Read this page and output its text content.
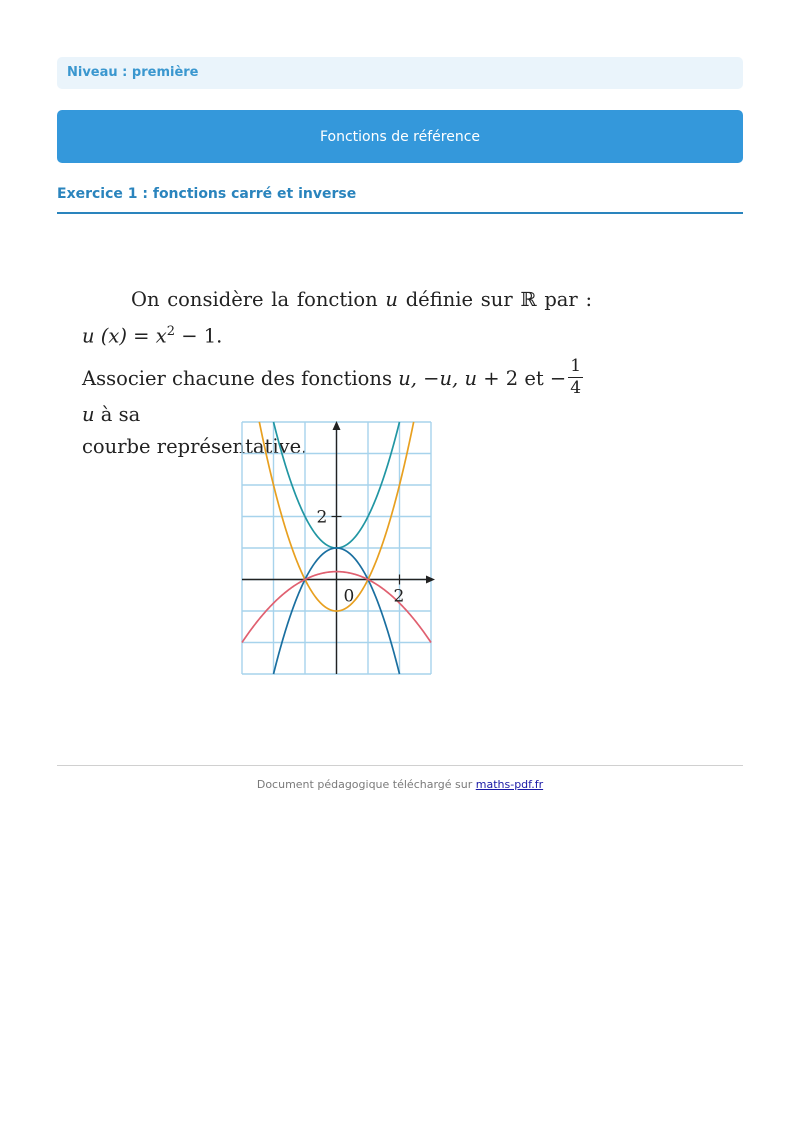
Niveau : première
Fonctions de référence
Exercice 1 : fonctions carré et inverse
On considère la fonction u définie sur ℝ par :
u $(x) = x^2 - 1$.
Associer chacune des fonctions u, −u, u + 2 et − $\frac{1}{4}$
u à sa
courbe représentative.
2
0 2
Document pédagogique téléchargé sur maths-pdf.fr
